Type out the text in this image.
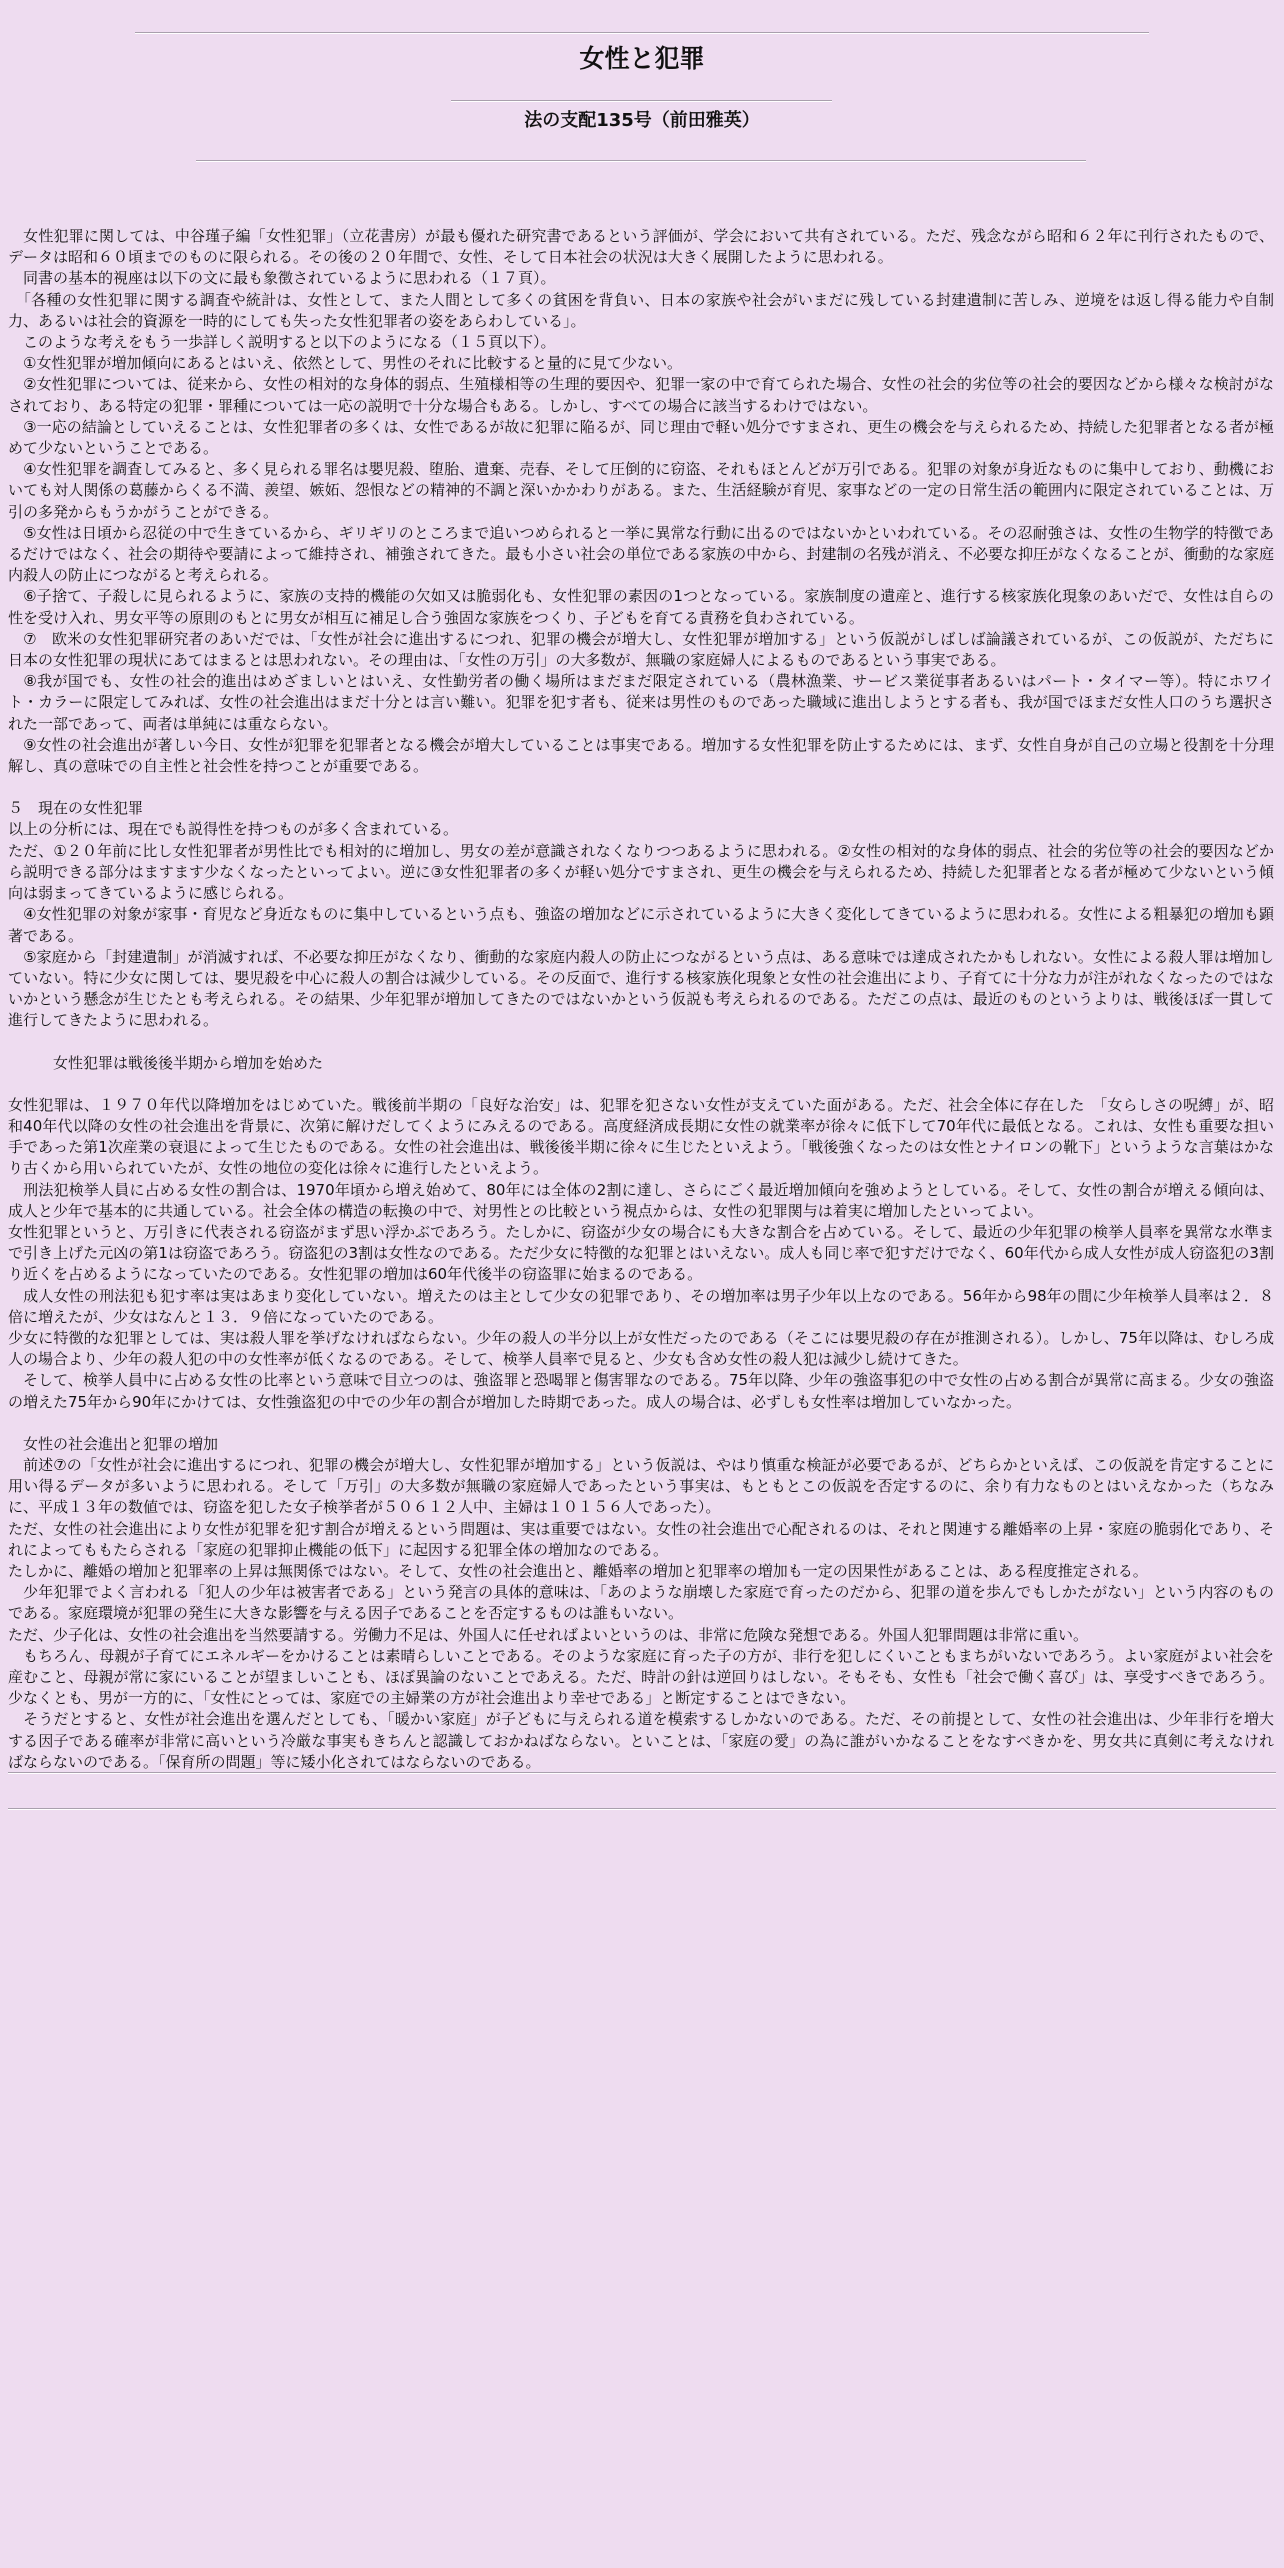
女性と犯罪
法の支配135号（前田雅英）

　女性犯罪に関しては、中谷瑾子編「女性犯罪」（立花書房）が最も優れた研究書であるという評価が、学会において共有されている。ただ、残念ながら昭和６２年に刊行されたもので、データは昭和６０頃までのものに限られる。その後の２０年間で、女性、そして日本社会の状況は大きく展開したように思われる。

　同書の基本的視座は以下の文に最も象徴されているように思われる（１７頁）。

　「各種の女性犯罪に関する調査や統計は、女性として、また人間として多くの貧困を背負い、日本の家族や社会がいまだに残している封建遺制に苦しみ、逆境をは返し得る能力や自制力、あるいは社会的資源を一時的にしても失った女性犯罪者の姿をあらわしている」。

　このような考えをもう一歩詳しく説明すると以下のようになる（１５頁以下）。

　①女性犯罪が増加傾向にあるとはいえ、依然として、男性のそれに比較すると量的に見て少ない。

　②女性犯罪については、従来から、女性の相対的な身体的弱点、生殖様相等の生理的要因や、犯罪一家の中で育てられた場合、女性の社会的劣位等の社会的要因などから様々な検討がなされており、ある特定の犯罪・罪種については一応の説明で十分な場合もある。しかし、すべての場合に該当するわけではない。

　③一応の結論としていえることは、女性犯罪者の多くは、女性であるが故に犯罪に陥るが、同じ理由で軽い処分ですまされ、更生の機会を与えられるため、持続した犯罪者となる者が極めて少ないということである。

　④女性犯罪を調査してみると、多く見られる罪名は嬰児殺、堕胎、遺棄、売春、そして圧倒的に窃盗、それもほとんどが万引である。犯罪の対象が身近なものに集中しており、動機においても対人関係の葛藤からくる不満、羨望、嫉妬、怨恨などの精神的不調と深いかかわりがある。また、生活経験が育児、家事などの一定の日常生活の範囲内に限定されていることは、万引の多発からもうかがうことができる。

　⑤女性は日頃から忍従の中で生きているから、ギリギリのところまで追いつめられると一挙に異常な行動に出るのではないかといわれている。その忍耐強さは、女性の生物学的特徴であるだけではなく、社会の期待や要請によって維持され、補強されてきた。最も小さい社会の単位である家族の中から、封建制の名残が消え、不必要な抑圧がなくなることが、衝動的な家庭内殺人の防止につながると考えられる。

　⑥子捨て、子殺しに見られるように、家族の支持的機能の欠如又は脆弱化も、女性犯罪の素因の1つとなっている。家族制度の遺産と、進行する核家族化現象のあいだで、女性は自らの性を受け入れ、男女平等の原則のもとに男女が相互に補足し合う強固な家族をつくり、子どもを育てる責務を負わされている。

　⑦　欧米の女性犯罪研究者のあいだでは、「女性が社会に進出するにつれ、犯罪の機会が増大し、女性犯罪が増加する」という仮説がしばしば論議されているが、この仮説が、ただちに日本の女性犯罪の現状にあてはまるとは思われない。その理由は、「女性の万引」の大多数が、無職の家庭婦人によるものであるという事実である。

　⑧我が国でも、女性の社会的進出はめざましいとはいえ、女性勤労者の働く場所はまだまだ限定されている（農林漁業、サービス業従事者あるいはパート・タイマー等）。特にホワイト・カラーに限定してみれば、女性の社会進出はまだ十分とは言い難い。犯罪を犯す者も、従来は男性のものであった職域に進出しようとする者も、我が国でほまだ女性人口のうち選択された一部であって、両者は単純には重ならない。

　⑨女性の社会進出が著しい今日、女性が犯罪を犯罪者となる機会が増大していることは事実である。増加する女性犯罪を防止するためには、まず、女性自身が自己の立場と役割を十分理解し、真の意味での自主性と社会性を持つことが重要である。

５　現在の女性犯罪

以上の分析には、現在でも説得性を持つものが多く含まれている。

ただ、①２０年前に比し女性犯罪者が男性比でも相対的に増加し、男女の差が意識されなくなりつつあるように思われる。②女性の相対的な身体的弱点、社会的劣位等の社会的要因などから説明できる部分はますます少なくなったといってよい。逆に③女性犯罪者の多くが軽い処分ですまされ、更生の機会を与えられるため、持続した犯罪者となる者が極めて少ないという傾向は弱まってきているように感じられる。

　④女性犯罪の対象が家事・育児など身近なものに集中しているという点も、強盗の増加などに示されているように大きく変化してきているように思われる。女性による粗暴犯の増加も顕著である。

　⑤家庭から「封建遺制」が消滅すれば、不必要な抑圧がなくなり、衝動的な家庭内殺人の防止につながるという点は、ある意味では達成されたかもしれない。女性による殺人罪は増加していない。特に少女に関しては、嬰児殺を中心に殺人の割合は減少している。その反面で、進行する核家族化現象と女性の社会進出により、子育てに十分な力が注がれなくなったのではないかという懸念が生じたとも考えられる。その結果、少年犯罪が増加してきたのではないかという仮説も考えられるのである。ただこの点は、最近のものというよりは、戦後ほぼ一貫して進行してきたように思われる。

　　　女性犯罪は戦後後半期から増加を始めた

女性犯罪は、１９７０年代以降増加をはじめていた。戦後前半期の「良好な治安」は、犯罪を犯さない女性が支えていた面がある。ただ、社会全体に存在した　「女らしさの呪縛」が、昭和40年代以降の女性の社会進出を背景に、次第に解けだしてくようにみえるのである。高度経済成長期に女性の就業率が徐々に低下して70年代に最低となる。これは、女性も重要な担い手であった第1次産業の衰退によって生じたものである。女性の社会進出は、戦後後半期に徐々に生じたといえよう。「戦後強くなったのは女性とナイロンの靴下」というような言葉はかなり古くから用いられていたが、女性の地位の変化は徐々に進行したといえよう。

　刑法犯検挙人員に占める女性の割合は、1970年頃から増え始めて、80年には全体の2割に達し、さらにごく最近増加傾向を強めようとしている。そして、女性の割合が増える傾向は、成人と少年で基本的に共通している。社会全体の構造の転換の中で、対男性との比較という視点からは、女性の犯罪関与は着実に増加したといってよい。

女性犯罪というと、万引きに代表される窃盗がまず思い浮かぶであろう。たしかに、窃盗が少女の場合にも大きな割合を占めている。そして、最近の少年犯罪の検挙人員率を異常な水準まで引き上げた元凶の第1は窃盗であろう。窃盗犯の3割は女性なのである。ただ少女に特徴的な犯罪とはいえない。成人も同じ率で犯すだけでなく、60年代から成人女性が成人窃盗犯の3割り近くを占めるようになっていたのである。女性犯罪の増加は60年代後半の窃盗罪に始まるのである。

　成人女性の刑法犯も犯す率は実はあまり変化していない。増えたのは主として少女の犯罪であり、その増加率は男子少年以上なのである。56年から98年の間に少年検挙人員率は２．８倍に増えたが、少女はなんと１３．９倍になっていたのである。

少女に特徴的な犯罪としては、実は殺人罪を挙げなければならない。少年の殺人の半分以上が女性だったのである（そこには嬰児殺の存在が推測される）。しかし、75年以降は、むしろ成人の場合より、少年の殺人犯の中の女性率が低くなるのである。そして、検挙人員率で見ると、少女も含め女性の殺人犯は減少し続けてきた。

　そして、検挙人員中に占める女性の比率という意味で目立つのは、強盗罪と恐喝罪と傷害罪なのである。75年以降、少年の強盗事犯の中で女性の占める割合が異常に高まる。少女の強盗の増えた75年から90年にかけては、女性強盗犯の中での少年の割合が増加した時期であった。成人の場合は、必ずしも女性率は増加していなかった。

　女性の社会進出と犯罪の増加

　前述⑦の「女性が社会に進出するにつれ、犯罪の機会が増大し、女性犯罪が増加する」という仮説は、やはり慎重な検証が必要であるが、どちらかといえば、この仮説を肯定することに用い得るデータが多いように思われる。そして「万引」の大多数が無職の家庭婦人であったという事実は、もともとこの仮説を否定するのに、余り有力なものとはいえなかった（ちなみに、平成１３年の数値では、窃盗を犯した女子検挙者が５０６１２人中、主婦は１０１５６人であった）。

ただ、女性の社会進出により女性が犯罪を犯す割合が増えるという問題は、実は重要ではない。女性の社会進出で心配されるのは、それと関連する離婚率の上昇・家庭の脆弱化であり、それによってももたらされる「家庭の犯罪抑止機能の低下」に起因する犯罪全体の増加なのである。

たしかに、離婚の増加と犯罪率の上昇は無関係ではない。そして、女性の社会進出と、離婚率の増加と犯罪率の増加も一定の因果性があることは、ある程度推定される。

　少年犯罪でよく言われる「犯人の少年は被害者である」という発言の具体的意味は、「あのような崩壊した家庭で育ったのだから、犯罪の道を歩んでもしかたがない」という内容のものである。家庭環境が犯罪の発生に大きな影響を与える因子であることを否定するものは誰もいない。

ただ、少子化は、女性の社会進出を当然要請する。労働力不足は、外国人に任せればよいというのは、非常に危険な発想である。外国人犯罪問題は非常に重い。

　もちろん、母親が子育てにエネルギーをかけることは素晴らしいことである。そのような家庭に育った子の方が、非行を犯しにくいこともまちがいないであろう。よい家庭がよい社会を産むこと、母親が常に家にいることが望ましいことも、ほぼ異論のないことであえる。ただ、時計の針は逆回りはしない。そもそも、女性も「社会で働く喜び」は、享受すべきであろう。少なくとも、男が一方的に、「女性にとっては、家庭での主婦業の方が社会進出より幸せである」と断定することはできない。

　そうだとすると、女性が社会進出を選んだとしても、「暖かい家庭」が子どもに与えられる道を模索するしかないのである。ただ、その前提として、女性の社会進出は、少年非行を増大する因子である確率が非常に高いという冷厳な事実もきちんと認識しておかねばならない。といことは、「家庭の愛」の為に誰がいかなることをなすべきかを、男女共に真剣に考えなければならないのである。「保育所の問題」等に矮小化されてはならないのである。
